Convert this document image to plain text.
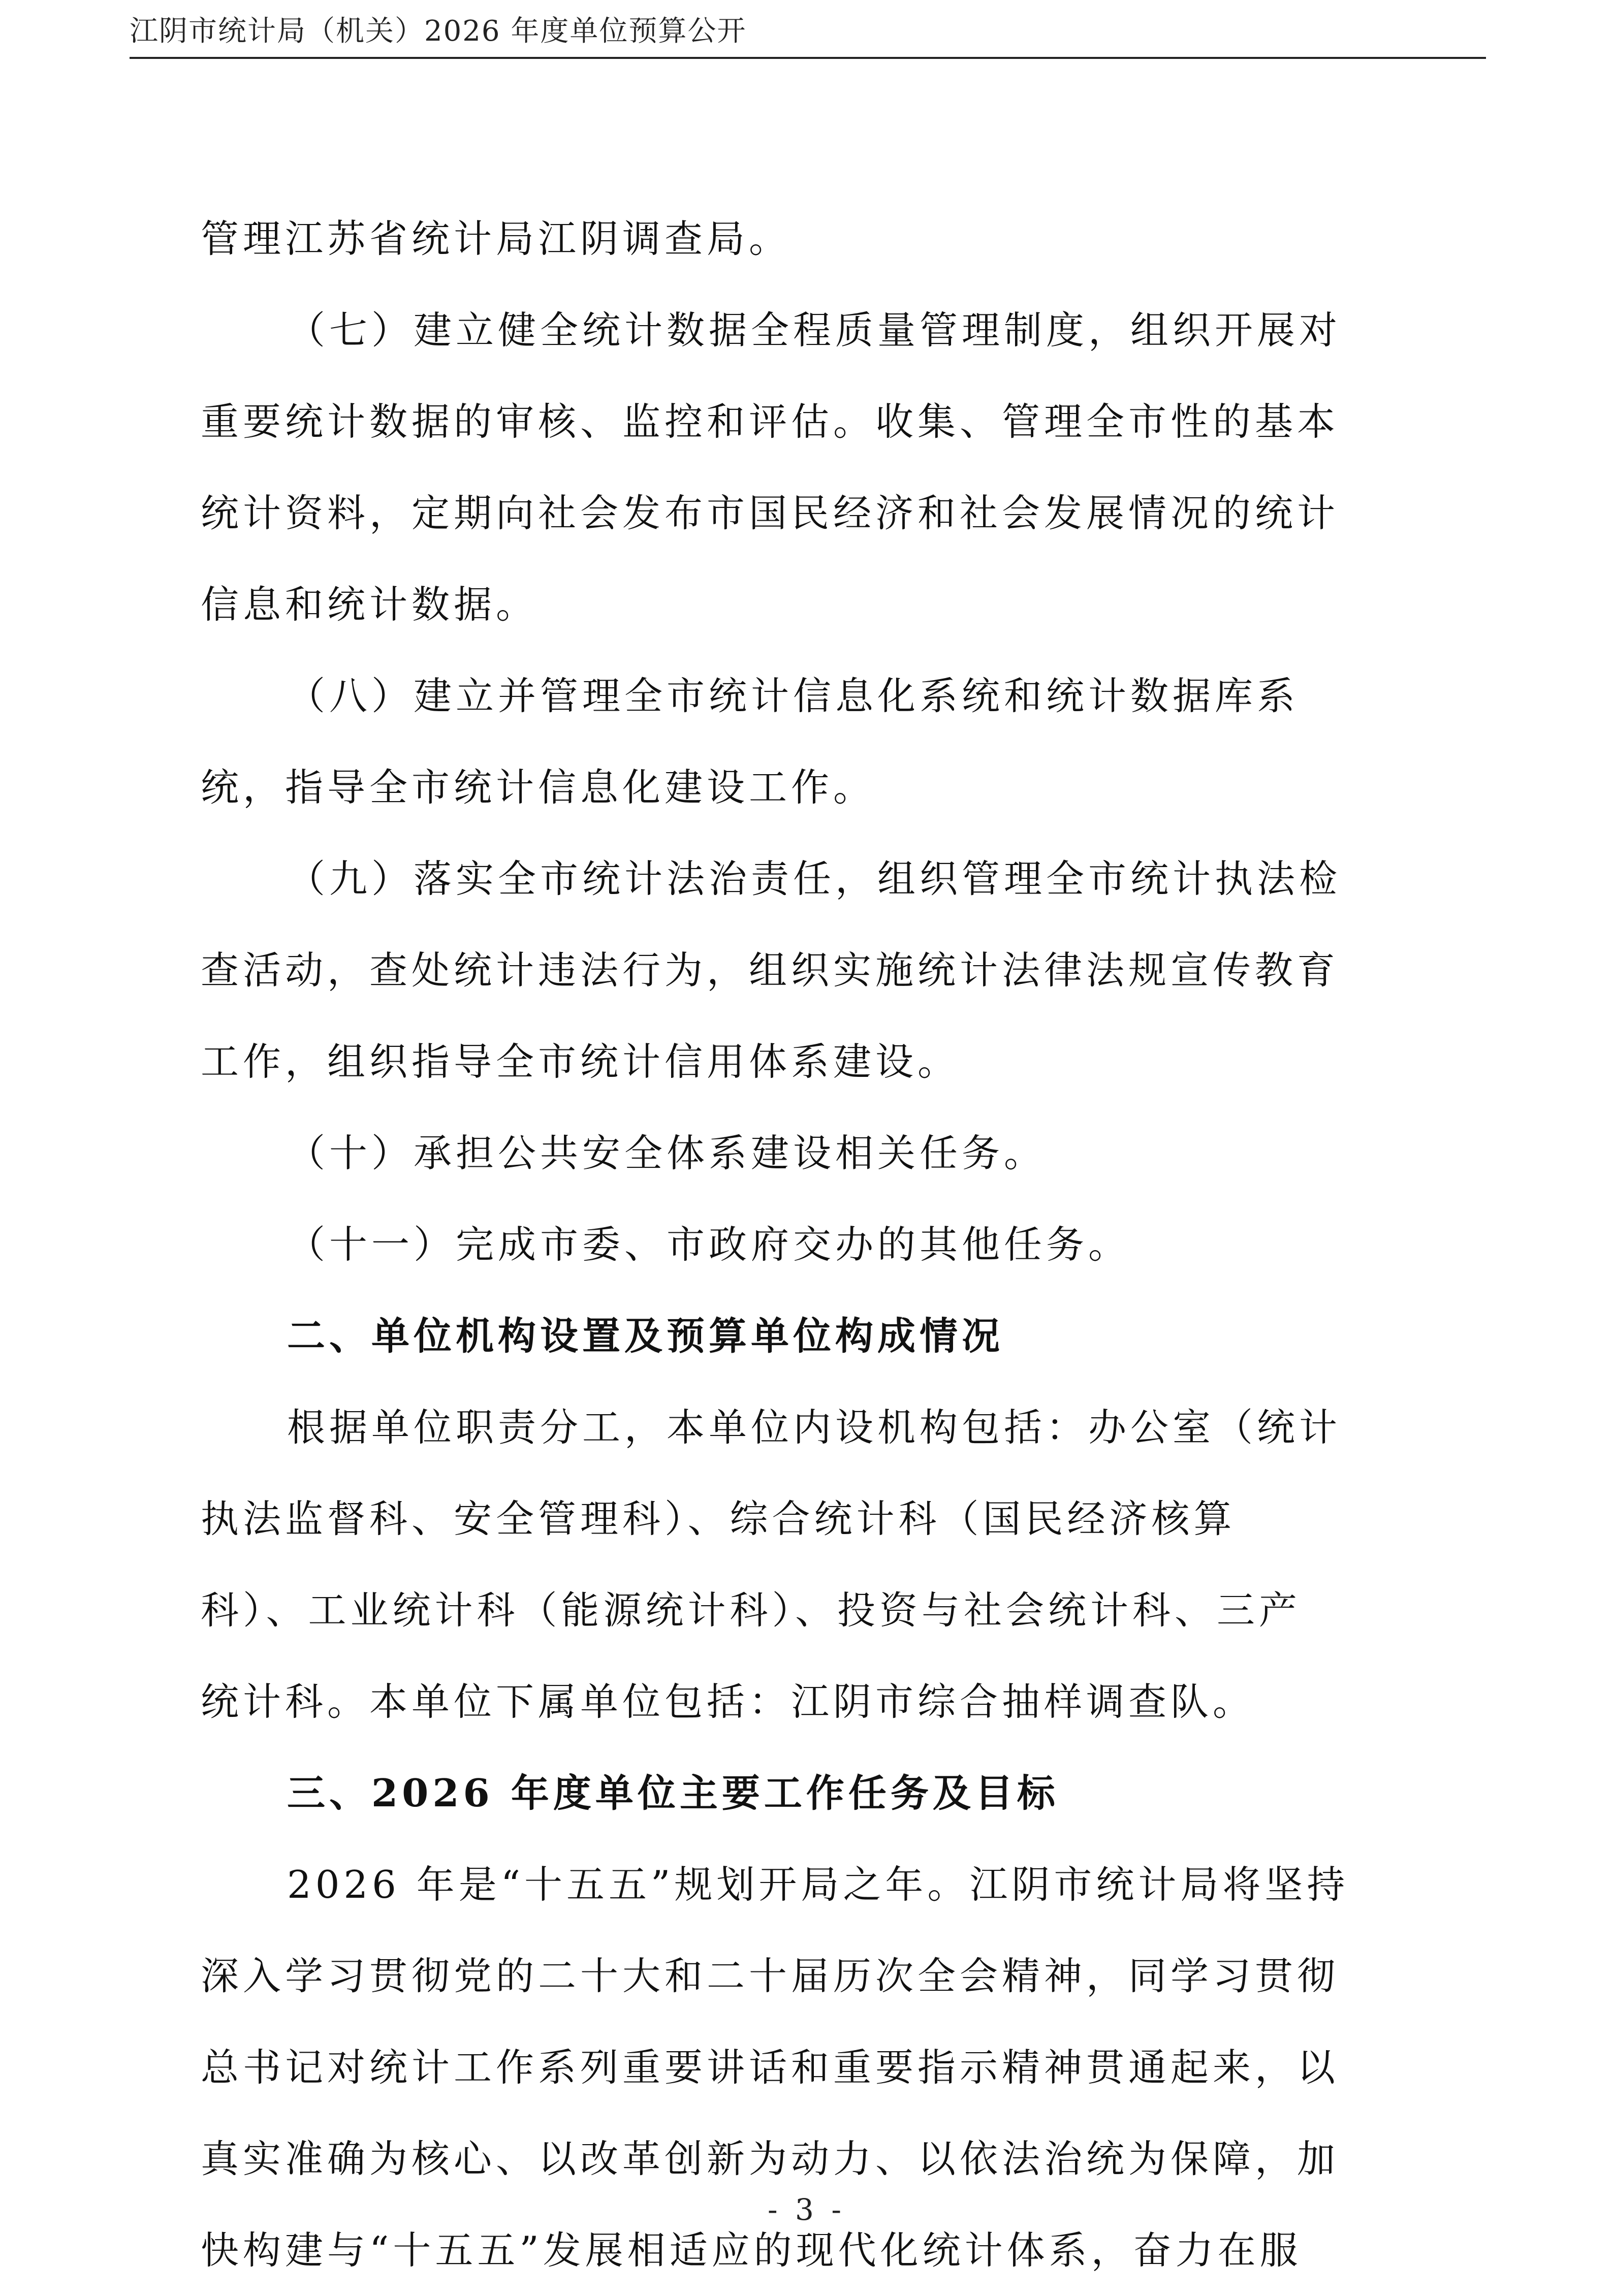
江阴市统计局（机关）2026 年度单位预算公开
管理江苏省统计局江阴调查局。
（七）建立健全统计数据全程质量管理制度，组织开展对
重要统计数据的审核、监控和评估。收集、管理全市性的基本
统计资料，定期向社会发布市国民经济和社会发展情况的统计
信息和统计数据。
（八）建立并管理全市统计信息化系统和统计数据库系
统，指导全市统计信息化建设工作。
（九）落实全市统计法治责任，组织管理全市统计执法检
查活动，查处统计违法行为，组织实施统计法律法规宣传教育
工作，组织指导全市统计信用体系建设。
（十）承担公共安全体系建设相关任务。
（十一）完成市委、市政府交办的其他任务。
二、单位机构设置及预算单位构成情况
根据单位职责分工，本单位内设机构包括：办公室（统计
执法监督科、安全管理科）、综合统计科（国民经济核算
科）、工业统计科（能源统计科）、投资与社会统计科、三产
统计科。本单位下属单位包括：江阴市综合抽样调查队。
三、2026 年度单位主要工作任务及目标
2026 年是“十五五”规划开局之年。江阴市统计局将坚持
深入学习贯彻党的二十大和二十届历次全会精神，同学习贯彻
总书记对统计工作系列重要讲话和重要指示精神贯通起来，以
真实准确为核心、以改革创新为动力、以依法治统为保障，加
快构建与“十五五”发展相适应的现代化统计体系，奋力在服
- 3 -
